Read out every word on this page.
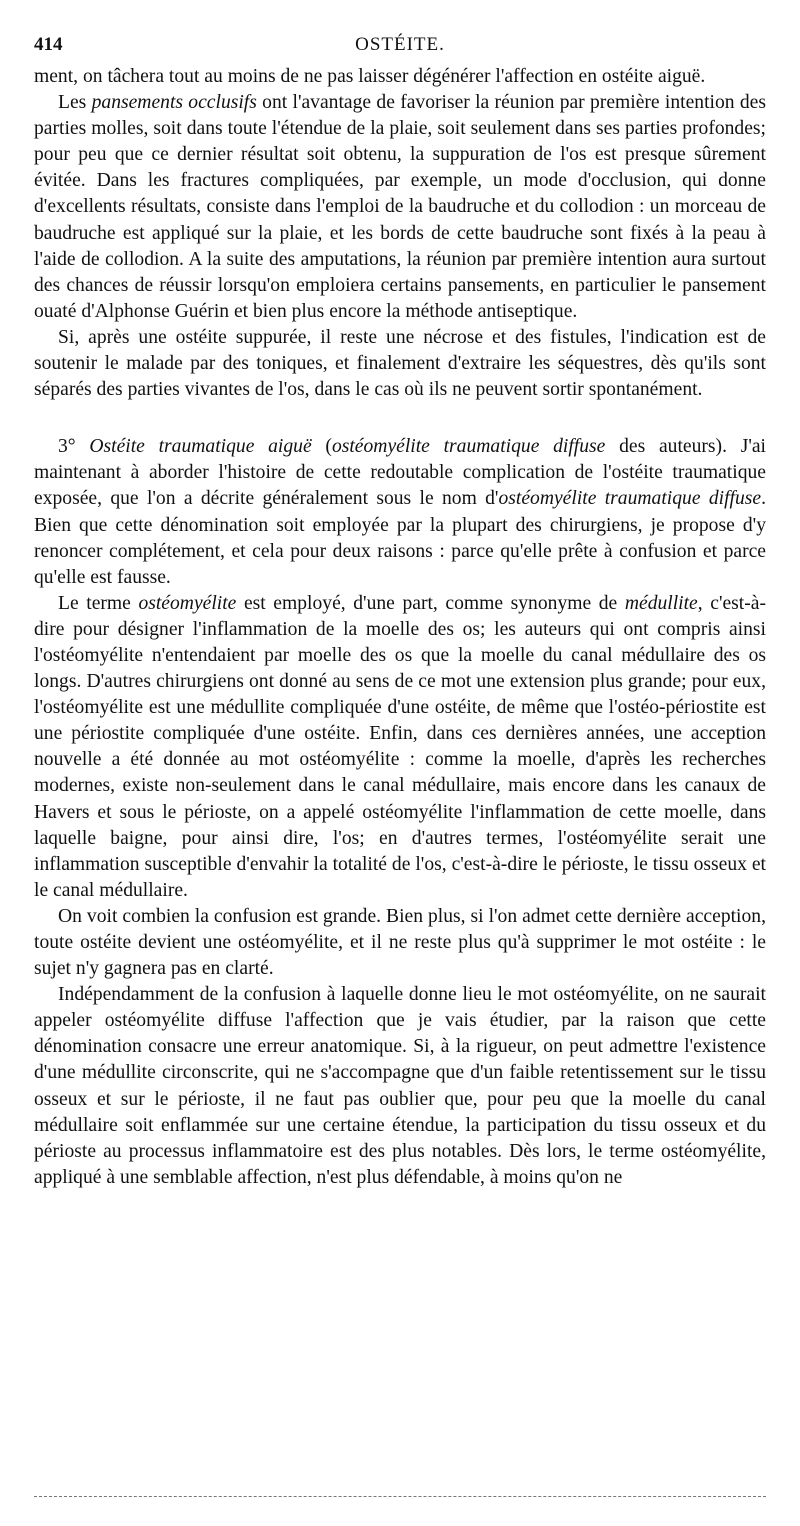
414	OSTÉITE.

ment, on tâchera tout au moins de ne pas laisser dégénérer l'affection en ostéite aiguë.

Les pansements occlusifs ont l'avantage de favoriser la réunion par première intention des parties molles, soit dans toute l'étendue de la plaie, soit seulement dans ses parties profondes; pour peu que ce dernier résultat soit obtenu, la suppuration de l'os est presque sûrement évitée. Dans les fractures compliquées, par exemple, un mode d'occlusion, qui donne d'excellents résultats, consiste dans l'emploi de la baudruche et du collodion : un morceau de baudruche est appliqué sur la plaie, et les bords de cette baudruche sont fixés à la peau à l'aide de collodion. A la suite des amputations, la réunion par première intention aura surtout des chances de réussir lorsqu'on emploiera certains pansements, en particulier le pansement ouaté d'Alphonse Guérin et bien plus encore la méthode antiseptique.

Si, après une ostéite suppurée, il reste une nécrose et des fistules, l'indication est de soutenir le malade par des toniques, et finalement d'extraire les séquestres, dès qu'ils sont séparés des parties vivantes de l'os, dans le cas où ils ne peuvent sortir spontanément.

3° Ostéite traumatique aiguë (ostéomyélite traumatique diffuse des auteurs). J'ai maintenant à aborder l'histoire de cette redoutable complication de l'ostéite traumatique exposée, que l'on a décrite généralement sous le nom d'ostéomyélite traumatique diffuse. Bien que cette dénomination soit employée par la plupart des chirurgiens, je propose d'y renoncer complétement, et cela pour deux raisons : parce qu'elle prête à confusion et parce qu'elle est fausse.

Le terme ostéomyélite est employé, d'une part, comme synonyme de médullite, c'est-à-dire pour désigner l'inflammation de la moelle des os; les auteurs qui ont compris ainsi l'ostéomyélite n'entendaient par moelle des os que la moelle du canal médullaire des os longs. D'autres chirurgiens ont donné au sens de ce mot une extension plus grande; pour eux, l'ostéomyélite est une médullite compliquée d'une ostéite, de même que l'ostéo-périostite est une périostite compliquée d'une ostéite. Enfin, dans ces dernières années, une acception nouvelle a été donnée au mot ostéomyélite : comme la moelle, d'après les recherches modernes, existe non-seulement dans le canal médullaire, mais encore dans les canaux de Havers et sous le périoste, on a appelé ostéomyélite l'inflammation de cette moelle, dans laquelle baigne, pour ainsi dire, l'os; en d'autres termes, l'ostéomyélite serait une inflammation susceptible d'envahir la totalité de l'os, c'est-à-dire le périoste, le tissu osseux et le canal médullaire.

On voit combien la confusion est grande. Bien plus, si l'on admet cette dernière acception, toute ostéite devient une ostéomyélite, et il ne reste plus qu'à supprimer le mot ostéite : le sujet n'y gagnera pas en clarté.

Indépendamment de la confusion à laquelle donne lieu le mot ostéomyélite, on ne saurait appeler ostéomyélite diffuse l'affection que je vais étudier, par la raison que cette dénomination consacre une erreur anatomique. Si, à la rigueur, on peut admettre l'existence d'une médullite circonscrite, qui ne s'accompagne que d'un faible retentissement sur le tissu osseux et sur le périoste, il ne faut pas oublier que, pour peu que la moelle du canal médullaire soit enflammée sur une certaine étendue, la participation du tissu osseux et du périoste au processus inflammatoire est des plus notables. Dès lors, le terme ostéomyélite, appliqué à une semblable affection, n'est plus défendable, à moins qu'on ne
